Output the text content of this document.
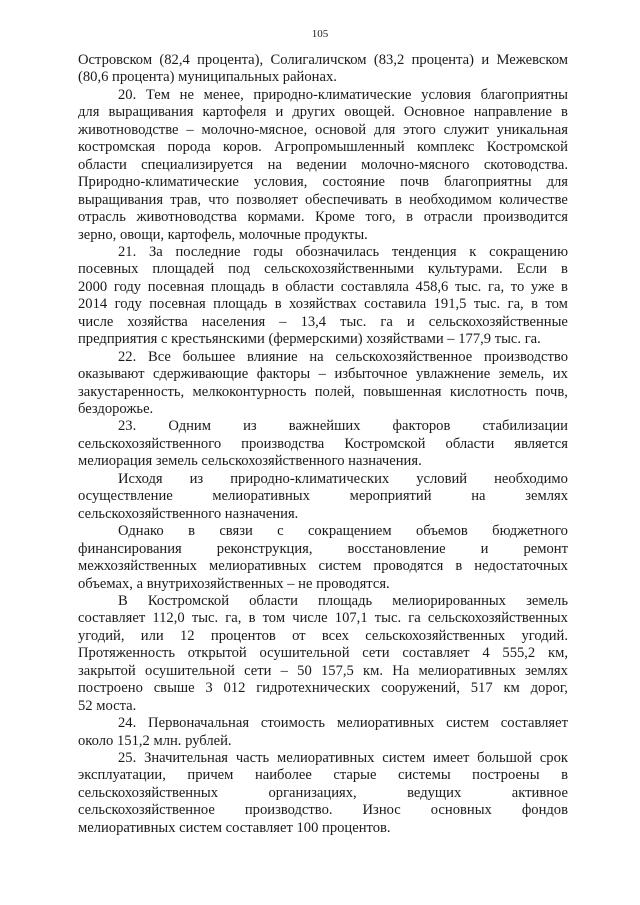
105
Островском (82,4 процента), Солигаличском (83,2 процента) и Межевском
(80,6 процента) муниципальных районах.
20. Тем не менее, природно-климатические условия благоприятны
для выращивания картофеля и других овощей. Основное направление в
животноводстве – молочно-мясное, основой для этого служит уникальная
костромская порода коров. Агропромышленный комплекс Костромской
области специализируется на ведении молочно-мясного скотоводства.
Природно-климатические условия, состояние почв благоприятны для
выращивания трав, что позволяет обеспечивать в необходимом количестве
отрасль животноводства кормами. Кроме того, в отрасли производится
зерно, овощи, картофель, молочные продукты.
21. За последние годы обозначилась тенденция к сокращению
посевных площадей под сельскохозяйственными культурами. Если в
2000 году посевная площадь в области составляла 458,6 тыс. га, то уже в
2014 году посевная площадь в хозяйствах составила 191,5 тыс. га, в том
числе хозяйства населения – 13,4 тыс. га и сельскохозяйственные
предприятия с крестьянскими (фермерскими) хозяйствами – 177,9 тыс. га.
22. Все большее влияние на сельскохозяйственное производство
оказывают сдерживающие факторы – избыточное увлажнение земель, их
закустаренность, мелкоконтурность полей, повышенная кислотность почв,
бездорожье.
23. Одним из важнейших факторов стабилизации
сельскохозяйственного производства Костромской области является
мелиорация земель сельскохозяйственного назначения.
Исходя из природно-климатических условий необходимо
осуществление	мелиоративных	мероприятий	на	землях
сельскохозяйственного назначения.
Однако в связи с сокращением объемов бюджетного
финансирования реконструкция, восстановление и ремонт
межхозяйственных мелиоративных систем проводятся в недостаточных
объемах, а внутрихозяйственных – не проводятся.
В Костромской области площадь мелиорированных земель
составляет 112,0 тыс. га, в том числе 107,1 тыс. га сельскохозяйственных
угодий, или 12 процентов от всех сельскохозяйственных угодий.
Протяженность открытой осушительной сети составляет 4 555,2 км,
закрытой осушительной сети – 50 157,5 км. На мелиоративных землях
построено свыше 3 012 гидротехнических сооружений, 517 км дорог,
52 моста.
24. Первоначальная стоимость мелиоративных систем составляет
около 151,2 млн. рублей.
25. Значительная часть мелиоративных систем имеет большой срок
эксплуатации, причем наиболее старые системы построены в
сельскохозяйственных	организациях,	ведущих	активное
сельскохозяйственное производство. Износ основных фондов
мелиоративных систем составляет 100 процентов.
